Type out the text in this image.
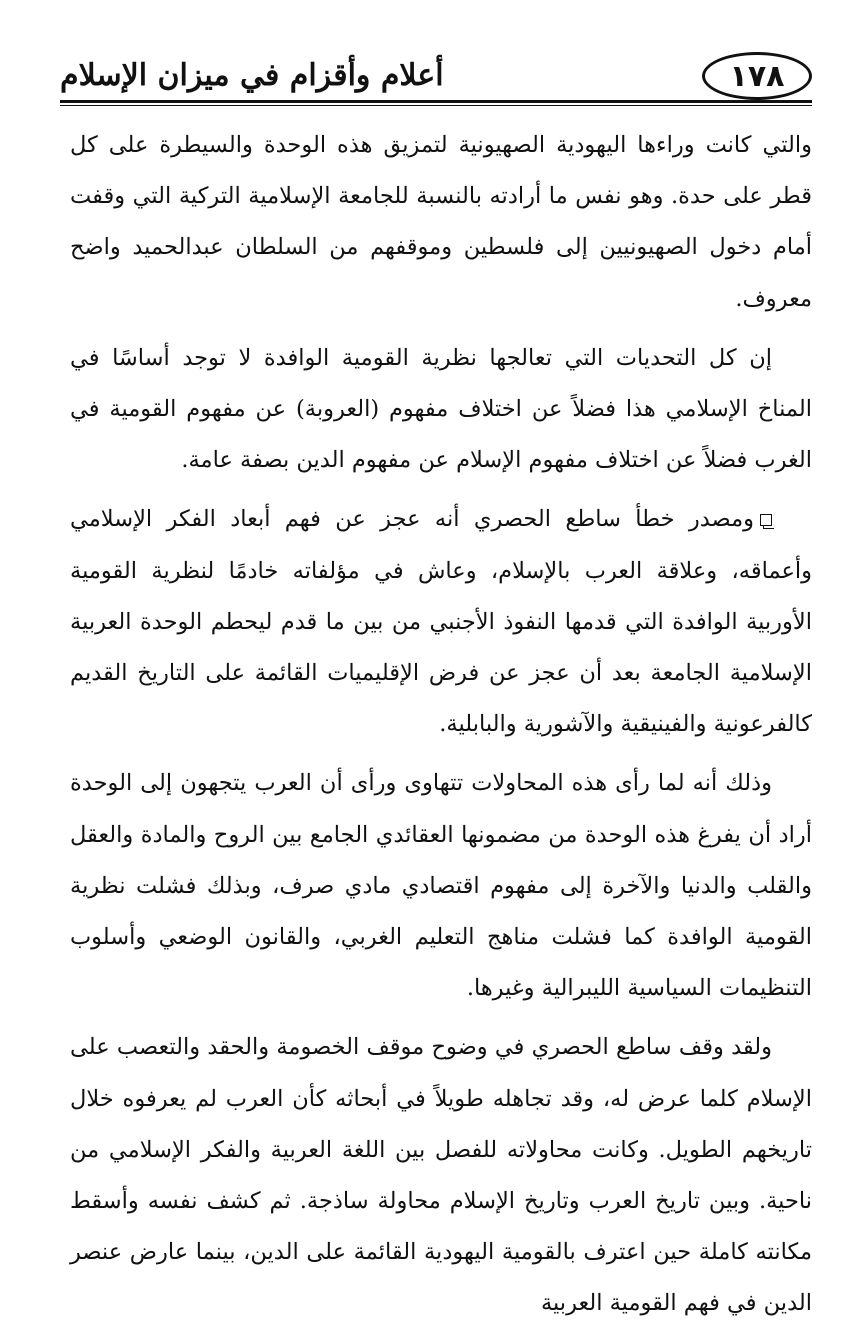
١٧٨
أعلام وأقزام في ميزان الإسلام

والتي كانت وراءها اليهودية الصهيونية لتمزيق هذه الوحدة والسيطرة على كل قطر على حدة. وهو نفس ما أرادته بالنسبة للجامعة الإسلامية التركية التي وقفت أمام دخول الصهيونيين إلى فلسطين وموقفهم من السلطان عبدالحميد واضح معروف.

إن كل التحديات التي تعالجها نظرية القومية الوافدة لا توجد أساسًا في المناخ الإسلامي هذا فضلاً عن اختلاف مفهوم (العروبة) عن مفهوم القومية في الغرب فضلاً عن اختلاف مفهوم الإسلام عن مفهوم الدين بصفة عامة.

ومصدر خطأ ساطع الحصري أنه عجز عن فهم أبعاد الفكر الإسلامي وأعماقه، وعلاقة العرب بالإسلام، وعاش في مؤلفاته خادمًا لنظرية القومية الأوربية الوافدة التي قدمها النفوذ الأجنبي من بين ما قدم ليحطم الوحدة العربية الإسلامية الجامعة بعد أن عجز عن فرض الإقليميات القائمة على التاريخ القديم كالفرعونية والفينيقية والآشورية والبابلية.

وذلك أنه لما رأى هذه المحاولات تتهاوى ورأى أن العرب يتجهون إلى الوحدة أراد أن يفرغ هذه الوحدة من مضمونها العقائدي الجامع بين الروح والمادة والعقل والقلب والدنيا والآخرة إلى مفهوم اقتصادي مادي صرف، وبذلك فشلت نظرية القومية الوافدة كما فشلت مناهج التعليم الغربي، والقانون الوضعي وأسلوب التنظيمات السياسية الليبرالية وغيرها.

ولقد وقف ساطع الحصري في وضوح موقف الخصومة والحقد والتعصب على الإسلام كلما عرض له، وقد تجاهله طويلاً في أبحاثه كأن العرب لم يعرفوه خلال تاريخهم الطويل. وكانت محاولاته للفصل بين اللغة العربية والفكر الإسلامي من ناحية. وبين تاريخ العرب وتاريخ الإسلام محاولة ساذجة. ثم كشف نفسه وأسقط مكانته كاملة حين اعترف بالقومية اليهودية القائمة على الدين، بينما عارض عنصر الدين في فهم القومية العربية
